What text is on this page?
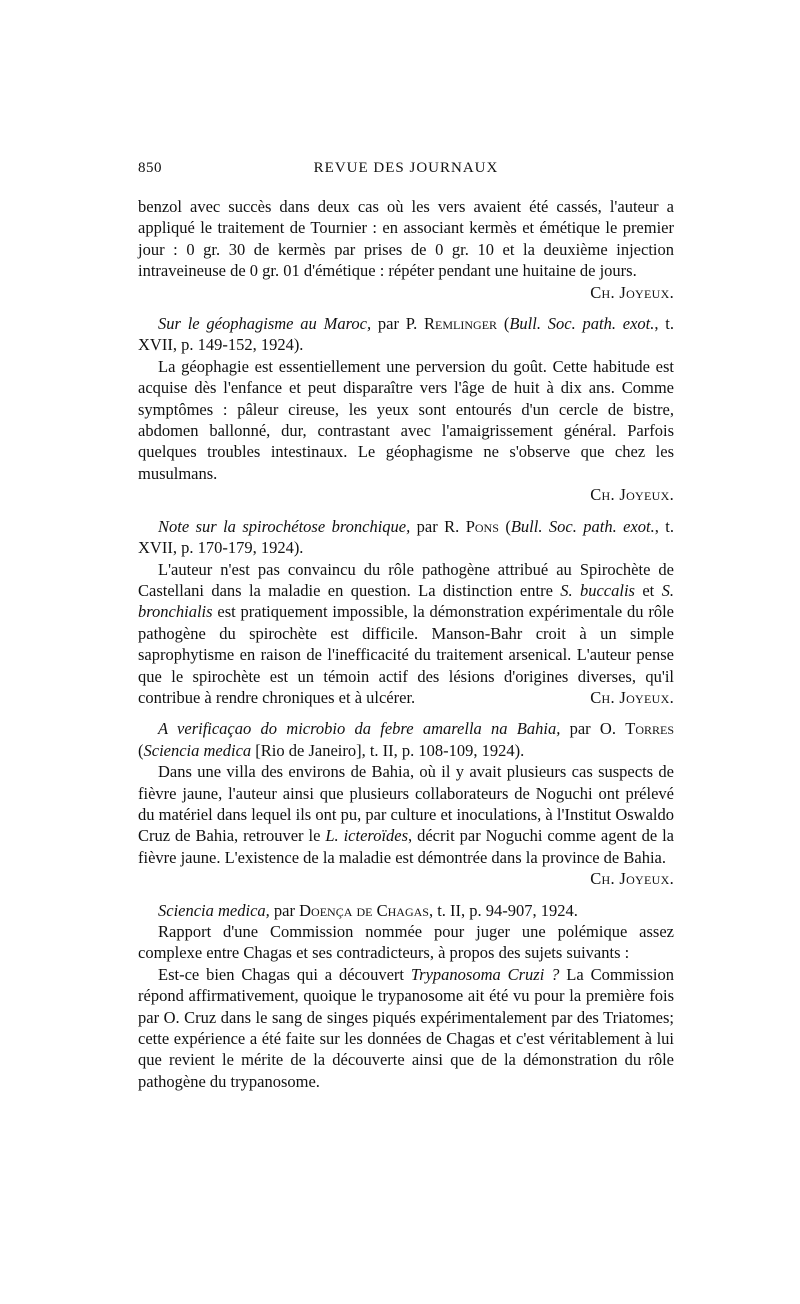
850	REVUE DES JOURNAUX

benzol avec succès dans deux cas où les vers avaient été cassés, l'auteur a appliqué le traitement de Tournier : en associant kermès et émétique le premier jour : 0 gr. 30 de kermès par prises de 0 gr. 10 et la deuxième injection intraveineuse de 0 gr. 01 d'émétique : répéter pendant une huitaine de jours.
Ch. Joyeux.

Sur le géophagisme au Maroc, par P. Remlinger (Bull. Soc. path. exot., t. XVII, p. 149-152, 1924).

La géophagie est essentiellement une perversion du goût. Cette habitude est acquise dès l'enfance et peut disparaître vers l'âge de huit à dix ans. Comme symptômes : pâleur cireuse, les yeux sont entourés d'un cercle de bistre, abdomen ballonné, dur, contrastant avec l'amaigrissement général. Parfois quelques troubles intestinaux. Le géophagisme ne s'observe que chez les musulmans.

Ch. Joyeux.

Note sur la spirochétose bronchique, par R. Pons (Bull. Soc. path. exot., t. XVII, p. 170-179, 1924).

L'auteur n'est pas convaincu du rôle pathogène attribué au Spirochète de Castellani dans la maladie en question. La distinction entre S. buccalis et S. bronchialis est pratiquement impossible, la démonstration expérimentale du rôle pathogène du spirochète est difficile. Manson-Bahr croit à un simple saprophytisme en raison de l'inefficacité du traitement arsenical. L'auteur pense que le spirochète est un témoin actif des lésions d'origines diverses, qu'il contribue à rendre chroniques et à ulcérer.	Ch. Joyeux.

A verificaçao do microbio da febre amarella na Bahia, par O. Torres (Sciencia medica [Rio de Janeiro], t. II, p. 108-109, 1924).

Dans une villa des environs de Bahia, où il y avait plusieurs cas suspects de fièvre jaune, l'auteur ainsi que plusieurs collaborateurs de Noguchi ont prélevé du matériel dans lequel ils ont pu, par culture et inoculations, à l'Institut Oswaldo Cruz de Bahia, retrouver le L. icteroïdes, décrit par Noguchi comme agent de la fièvre jaune. L'existence de la maladie est démontrée dans la province de Bahia.
Ch. Joyeux.

Sciencia medica, par Doença de Chagas, t. II, p. 94-907, 1924.

Rapport d'une Commission nommée pour juger une polémique assez complexe entre Chagas et ses contradicteurs, à propos des sujets suivants :

Est-ce bien Chagas qui a découvert Trypanosoma Cruzi ? La Commission répond affirmativement, quoique le trypanosome ait été vu pour la première fois par O. Cruz dans le sang de singes piqués expérimentalement par des Triatomes; cette expérience a été faite sur les données de Chagas et c'est véritablement à lui que revient le mérite de la découverte ainsi que de la démonstration du rôle pathogène du trypanosome.
